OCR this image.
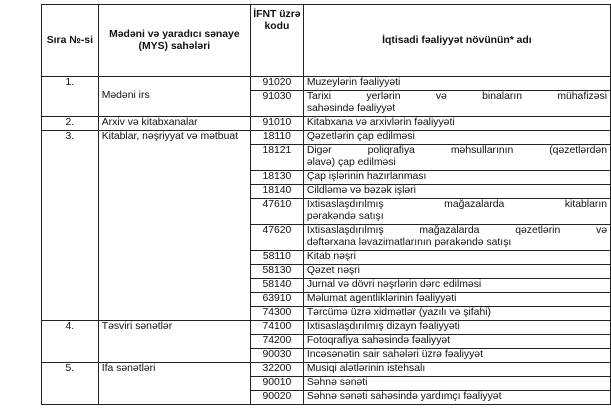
Sıra №-si	Mədəni və yaradıcı sənaye (MYS) sahələri	İFNT üzrə kodu	İqtisadi fəaliyyət növünün* adı

1.	Mədəni irs	91020	Muzeylərin fəaliyyəti

		91030	Tarixi yerlərin və binaların mühafizəsi
sahəsində fəaliyyət

2.	Arxiv və kitabxanalar	91010	Kitabxana və arxivlərin fəaliyyəti

3.	Kitablar, nəşriyyat və mətbuat	18110	Qəzetlərin çap edilməsi

		18121	Digər poliqrafiya məhsullarının (qəzetlərdən
əlavə) çap edilməsi

		18130	Çap işlərinin hazırlanması

		18140	Cildləmə və bəzək işləri

		47610	İxtisaslaşdırılmış mağazalarda kitabların
pərakəndə satışı

		47620	İxtisaslaşdırılmış mağazalarda qəzetlərin və
dəftərxana ləvazimatlarının pərakəndə satışı

		58110	Kitab nəşri

		58130	Qəzet nəşri

		58140	Jurnal və dövri nəşrlərin dərc edilməsi

		63910	Məlumat agentliklərinin fəaliyyəti

		74300	Tərcümə üzrə xidmətlər (yazılı və şifahi)

4.	Təsviri sənətlər	74100	İxtisaslaşdırılmış dizayn fəaliyyəti

		74200	Fotoqrafiya sahəsində fəaliyyət

		90030	İncəsənətin sair sahələri üzrə fəaliyyət

5.	İfa sənətləri	32200	Musiqi alətlərinin istehsalı

		90010	Səhnə sənəti

		90020	Səhnə sənəti sahəsində yardımçı fəaliyyət
